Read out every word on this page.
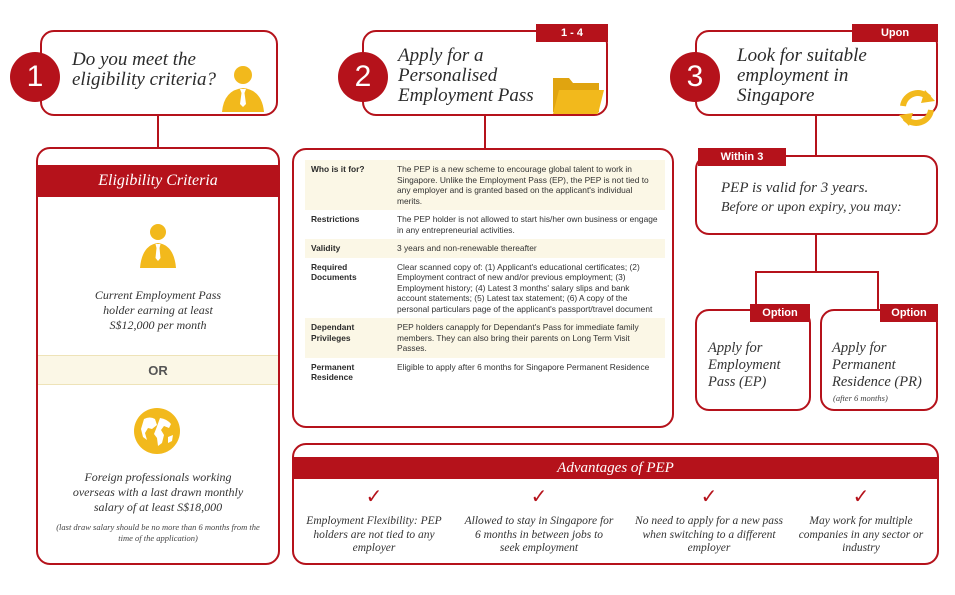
1
Do you meet the eligibility criteria?
Eligibility Criteria
OR
Current Employment Pass holder earning at least S$12,000 per month
Foreign professionals working overseas with a last drawn monthly salary of at least S$18,000
(last draw salary should be no more than 6 months from the time of the application)
1 - 4 Weeks
2
Apply for a Personalised Employment Pass
Who is it for?	The PEP is a new scheme to encourage global talent to work in Singapore. Unlike the Employment Pass (EP), the PEP is not tied to any employer and is granted based on the applicant's individual merits.
Restrictions	The PEP holder is not allowed to start his/her own business or engage in any entrepreneurial activities.
Validity	3 years and non-renewable thereafter
Required Documents	Clear scanned copy of: (1) Applicant's educational certificates; (2) Employment contract of new and/or previous employment; (3) Employment history; (4) Latest 3 months' salary slips and bank account statements; (5) Latest tax statement; (6) A copy of the personal particulars page of the applicant's passport/travel document
Dependant Privileges	PEP holders canapply for Dependant's Pass for immediate family members. They can also bring their parents on Long Term Visit Passes.
Permanent Residence	Eligible to apply after 6 months for Singapore Permanent Residence
Upon Approval
3
Look for suitable employment in Singapore
Within 3 Years
PEP is valid for 3 years.
Before or upon expiry, you may:
Option A
Apply for Employment Pass (EP)
Option B
Apply for Permanent Residence (PR)
(after 6 months)
Advantages of PEP
✓
Employment Flexibility: PEP holders are not tied to any employer
✓
Allowed to stay in Singapore for 6 months in between jobs to seek employment
✓
No need to apply for a new pass when switching to a different employer
✓
May work for multiple companies in any sector or industry
